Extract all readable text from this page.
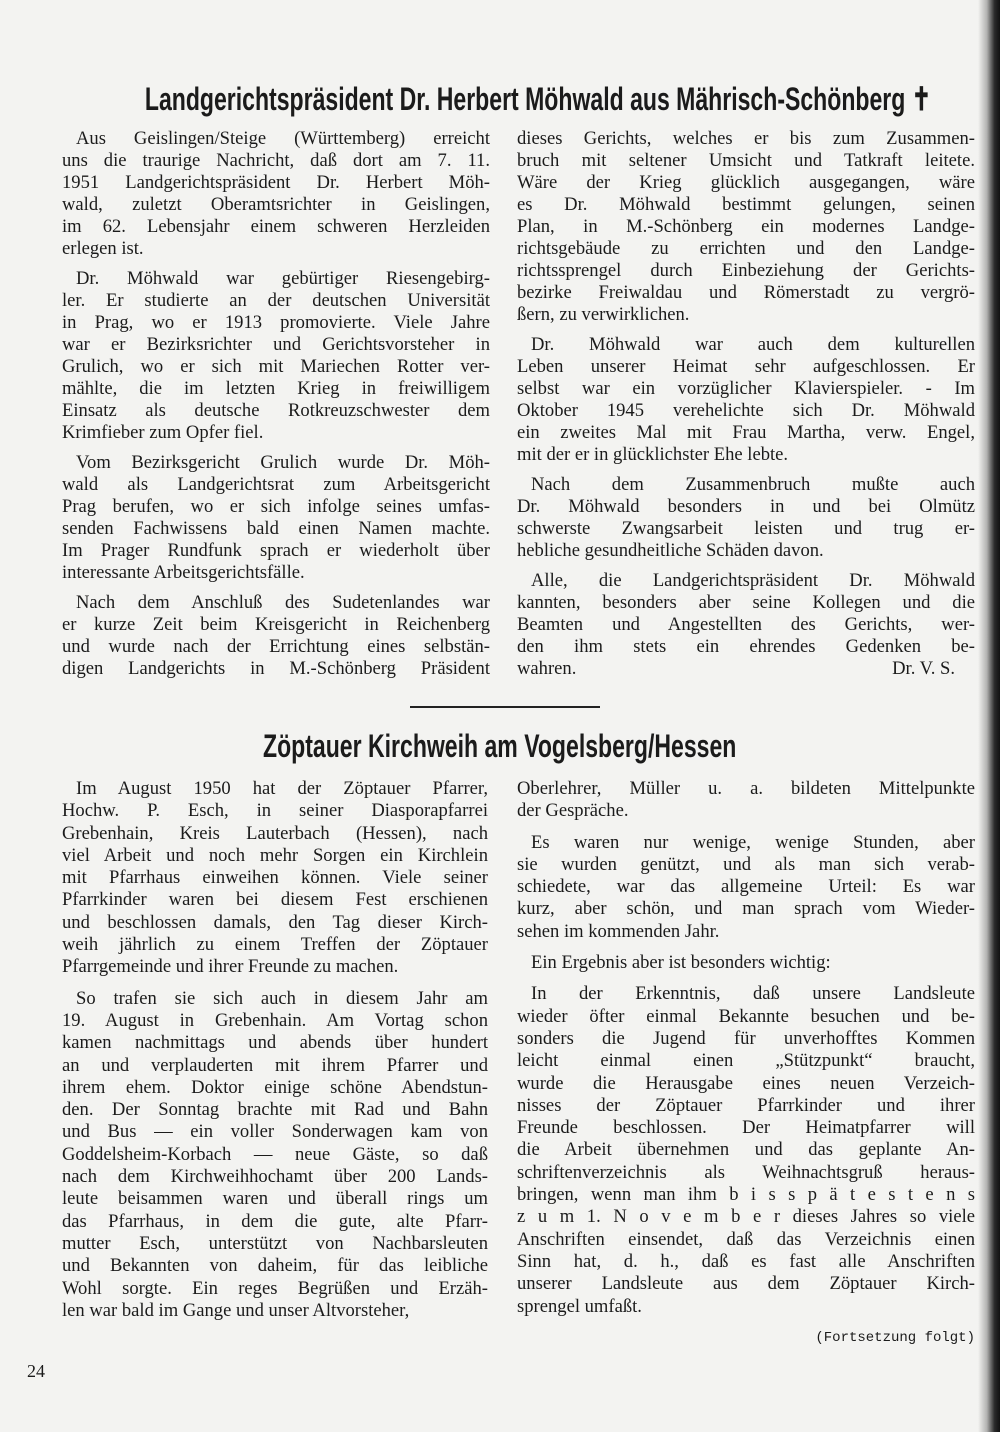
Landgerichtspräsident Dr. Herbert Möhwald aus Mährisch-Schönberg ✝
Aus Geislingen/Steige (Württemberg) erreicht
uns die traurige Nachricht, daß dort am 7. 11.
1951 Landgerichtspräsident Dr. Herbert Möh-
wald, zuletzt Oberamtsrichter in Geislingen,
im 62. Lebensjahr einem schweren Herzleiden
erlegen ist.
Dr. Möhwald war gebürtiger Riesengebirg-
ler. Er studierte an der deutschen Universität
in Prag, wo er 1913 promovierte. Viele Jahre
war er Bezirksrichter und Gerichtsvorsteher in
Grulich, wo er sich mit Mariechen Rotter ver-
mählte, die im letzten Krieg in freiwilligem
Einsatz als deutsche Rotkreuzschwester dem
Krimfieber zum Opfer fiel.
Vom Bezirksgericht Grulich wurde Dr. Möh-
wald als Landgerichtsrat zum Arbeitsgericht
Prag berufen, wo er sich infolge seines umfas-
senden Fachwissens bald einen Namen machte.
Im Prager Rundfunk sprach er wiederholt über
interessante Arbeitsgerichtsfälle.
Nach dem Anschluß des Sudetenlandes war
er kurze Zeit beim Kreisgericht in Reichenberg
und wurde nach der Errichtung eines selbstän-
digen Landgerichts in M.-Schönberg Präsident
dieses Gerichts, welches er bis zum Zusammen-
bruch mit seltener Umsicht und Tatkraft leitete.
Wäre der Krieg glücklich ausgegangen, wäre
es Dr. Möhwald bestimmt gelungen, seinen
Plan, in M.-Schönberg ein modernes Landge-
richtsgebäude zu errichten und den Landge-
richtssprengel durch Einbeziehung der Gerichts-
bezirke Freiwaldau und Römerstadt zu vergrö-
ßern, zu verwirklichen.
Dr. Möhwald war auch dem kulturellen
Leben unserer Heimat sehr aufgeschlossen. Er
selbst war ein vorzüglicher Klavierspieler. - Im
Oktober 1945 verehelichte sich Dr. Möhwald
ein zweites Mal mit Frau Martha, verw. Engel,
mit der er in glücklichster Ehe lebte.
Nach dem Zusammenbruch mußte auch
Dr. Möhwald besonders in und bei Olmütz
schwerste Zwangsarbeit leisten und trug er-
hebliche gesundheitliche Schäden davon.
Alle, die Landgerichtspräsident Dr. Möhwald
kannten, besonders aber seine Kollegen und die
Beamten und Angestellten des Gerichts, wer-
den ihm stets ein ehrendes Gedenken be-
wahren.	Dr. V. S.
Zöptauer Kirchweih am Vogelsberg/Hessen
Im August 1950 hat der Zöptauer Pfarrer,
Hochw. P. Esch, in seiner Diasporapfarrei
Grebenhain, Kreis Lauterbach (Hessen), nach
viel Arbeit und noch mehr Sorgen ein Kirchlein
mit Pfarrhaus einweihen können. Viele seiner
Pfarrkinder waren bei diesem Fest erschienen
und beschlossen damals, den Tag dieser Kirch-
weih jährlich zu einem Treffen der Zöptauer
Pfarrgemeinde und ihrer Freunde zu machen.
So trafen sie sich auch in diesem Jahr am
19. August in Grebenhain. Am Vortag schon
kamen nachmittags und abends über hundert
an und verplauderten mit ihrem Pfarrer und
ihrem ehem. Doktor einige schöne Abendstun-
den. Der Sonntag brachte mit Rad und Bahn
und Bus — ein voller Sonderwagen kam von
Goddelsheim-Korbach — neue Gäste, so daß
nach dem Kirchweihhochamt über 200 Lands-
leute beisammen waren und überall rings um
das Pfarrhaus, in dem die gute, alte Pfarr-
mutter Esch, unterstützt von Nachbarsleuten
und Bekannten von daheim, für das leibliche
Wohl sorgte. Ein reges Begrüßen und Erzäh-
len war bald im Gange und unser Altvorsteher,
Oberlehrer, Müller u. a. bildeten Mittelpunkte
der Gespräche.
Es waren nur wenige, wenige Stunden, aber
sie wurden genützt, und als man sich verab-
schiedete, war das allgemeine Urteil: Es war
kurz, aber schön, und man sprach vom Wieder-
sehen im kommenden Jahr.
Ein Ergebnis aber ist besonders wichtig:
In der Erkenntnis, daß unsere Landsleute
wieder öfter einmal Bekannte besuchen und be-
sonders die Jugend für unverhofftes Kommen
leicht einmal einen „Stützpunkt“ braucht,
wurde die Herausgabe eines neuen Verzeich-
nisses der Zöptauer Pfarrkinder und ihrer
Freunde beschlossen. Der Heimatpfarrer will
die Arbeit übernehmen und das geplante An-
schriftenverzeichnis als Weihnachtsgruß heraus-
bringen, wenn man ihm b i s s p ä t e s t e n s
z u m 1. N o v e m b e r dieses Jahres so viele
Anschriften einsendet, daß das Verzeichnis einen
Sinn hat, d. h., daß es fast alle Anschriften
unserer Landsleute aus dem Zöptauer Kirch-
sprengel umfaßt.
(Fortsetzung folgt)
24
